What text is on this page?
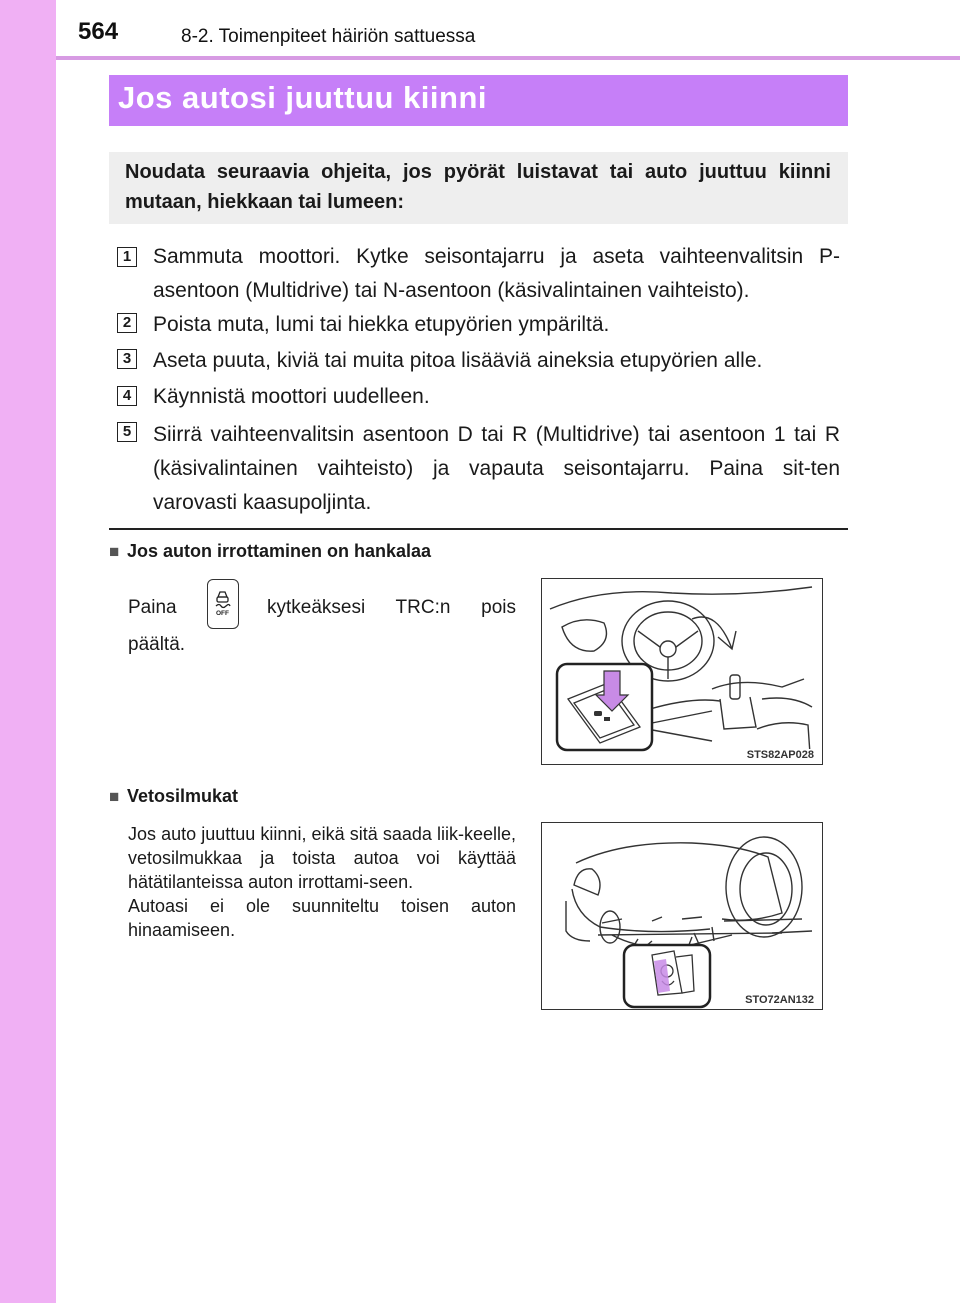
564	8-2. Toimenpiteet häiriön sattuessa
Jos autosi juuttuu kiinni
Noudata seuraavia ohjeita, jos pyörät luistavat tai auto juuttuu kiinni mutaan, hiekkaan tai lumeen:
1 Sammuta moottori. Kytke seisontajarru ja aseta vaihteenvalitsin P-asentoon (Multidrive) tai N-asentoon (käsivalintainen vaihteisto).
2 Poista muta, lumi tai hiekka etupyörien ympäriltä.
3 Aseta puuta, kiviä tai muita pitoa lisääviä aineksia etupyörien alle.
4 Käynnistä moottori uudelleen.
5 Siirrä vaihteenvalitsin asentoon D tai R (Multidrive) tai asentoon 1 tai R (käsivalintainen vaihteisto) ja vapauta seisontajarru. Paina sit-ten varovasti kaasupoljinta.
■ Jos auton irrottaminen on hankalaa
Paina	OFF kytkeäksesi TRC:n pois
päältä.
STS82AP028
■ Vetosilmukat

Jos auto juuttuu kiinni, eikä sitä saada liik-keelle, vetosilmukkaa ja toista autoa voi käyttää hätätilanteissa auton irrottami-seen.

Autoasi ei ole suunniteltu toisen auton hinaamiseen.

STO72AN132
